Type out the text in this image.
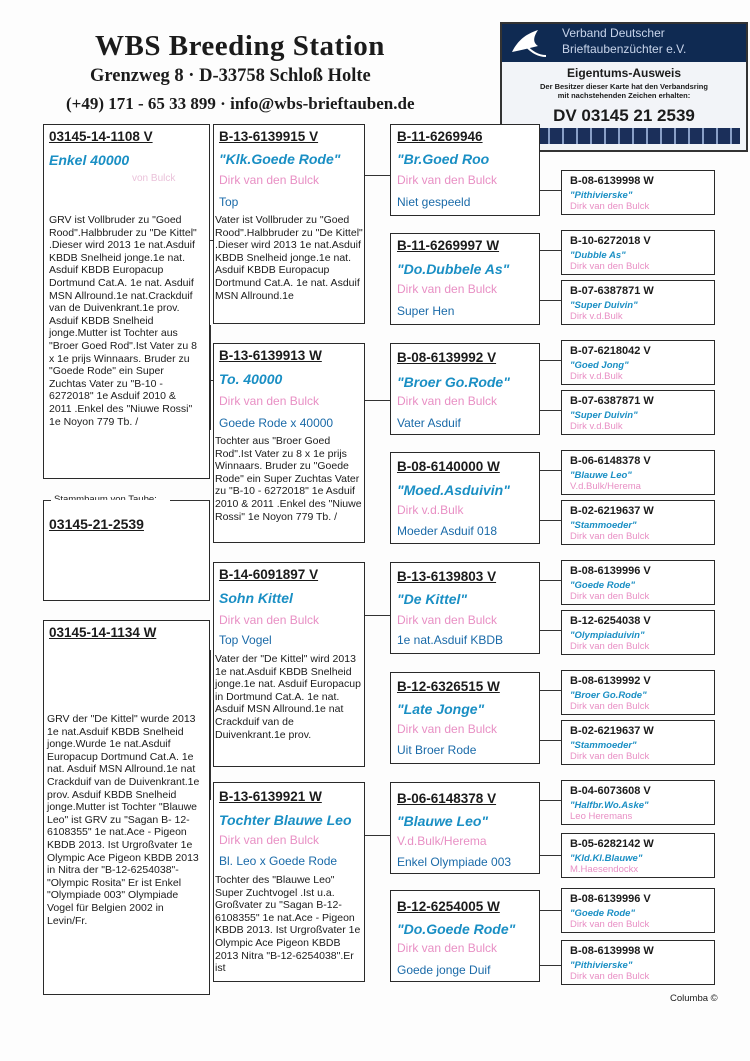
WBS Breeding Station
Grenzweg 8 · D-33758 Schloß Holte
(+49) 171 - 65 33 899 · info@wbs-brieftauben.de
Verband Deutscher
Brieftaubenzüchter e.V.
Eigentums-Ausweis
Der Besitzer dieser Karte hat den Verbandsring
mit nachstehenden Zeichen erhalten:
DV 03145 21 2539
03145-14-1108 V
Enkel 40000
von Bulck
GRV ist Vollbruder zu "Goed Rood".Halbbruder zu "De Kittel" .Dieser wird 2013 1e nat.Asduif KBDB Snelheid jonge.1e nat. Asduif KBDB Europacup Dortmund Cat.A. 1e nat. Asduif MSN Allround.1e nat.Crackduif van de Duivenkrant.1e prov. Asduif KBDB Snelheid jonge.Mutter ist Tochter aus "Broer Goed Rod".Ist Vater zu 8 x 1e prijs Winnaars. Bruder zu "Goede Rode" ein Super Zuchtas Vater zu "B-10 - 6272018" 1e Asduif 2010 & 2011 .Enkel des "Niuwe Rossi" 1e Noyon 779 Tb. /
03145-21-2539
03145-14-1134 W
GRV der "De Kittel" wurde 2013 1e nat.Asduif KBDB Snelheid jonge.Wurde 1e nat.Asduif Europacup Dortmund Cat.A. 1e nat. Asduif MSN Allround.1e nat Crackduif van de Duivenkrant.1e prov. Asduif KBDB Snelheid jonge.Mutter ist Tochter "Blauwe Leo" ist GRV zu "Sagan B- 12-6108355" 1e nat.Ace - Pigeon KBDB 2013. Ist Urgroßvater 1e Olympic Ace Pigeon KBDB 2013 in Nitra der "B-12-6254038"- "Olympic Rosita" Er ist Enkel "Olympiade 003" Olympiade Vogel für Belgien 2002 in Levin/Fr.
B-13-6139915 V
"Klk.Goede Rode"
Dirk van den Bulck
Top
Vater ist Vollbruder zu "Goed Rood".Halbbruder zu "De Kittel" .Dieser wird 2013 1e nat.Asduif KBDB Snelheid jonge.1e nat. Asduif KBDB Europacup Dortmund Cat.A. 1e nat. Asduif MSN Allround.1e
B-13-6139913 W
To. 40000
Dirk van den Bulck
Goede Rode x 40000
Tochter aus "Broer Goed Rod".Ist Vater zu 8 x 1e prijs Winnaars. Bruder zu "Goede Rode" ein Super Zuchtas Vater zu "B-10 - 6272018" 1e Asduif 2010 & 2011 .Enkel des "Niuwe Rossi" 1e Noyon 779 Tb. /
B-14-6091897 V
Sohn Kittel
Dirk van den Bulck
Top Vogel
Vater der "De Kittel" wird 2013 1e nat.Asduif KBDB Snelheid jonge.1e nat. Asduif Europacup in Dortmund Cat.A. 1e nat. Asduif MSN Allround.1e nat Crackduif van de Duivenkrant.1e prov.
B-13-6139921 W
Tochter Blauwe Leo
Dirk van den Bulck
Bl. Leo x Goede Rode
Tochter des "Blauwe Leo" Super Zuchtvogel .Ist u.a. Großvater zu "Sagan B-12-6108355" 1e nat.Ace - Pigeon KBDB 2013. Ist Urgroßvater 1e Olympic Ace Pigeon KBDB 2013 Nitra "B-12-6254038".Er ist
B-11-6269946
"Br.Goed Roo
Dirk van den Bulck
Niet gespeeld
B-11-6269997 W
"Do.Dubbele As"
Dirk van den Bulck
Super Hen
B-08-6139992 V
"Broer Go.Rode"
Dirk van den Bulck
Vater Asduif
B-08-6140000 W
"Moed.Asduivin"
Dirk v.d.Bulk
Moeder Asduif 018
B-13-6139803 V
"De Kittel"
Dirk van den Bulck
1e nat.Asduif KBDB
B-12-6326515 W
"Late Jonge"
Dirk van den Bulck
Uit Broer Rode
B-06-6148378 V
"Blauwe Leo"
V.d.Bulk/Herema
Enkel Olympiade 003
B-12-6254005 W
"Do.Goede Rode"
Dirk van den Bulck
Goede jonge Duif
B-08-6139998 W
"Pithivierske"
Dirk van den Bulck
B-10-6272018 V
"Dubble As"
Dirk van den Bulck
B-07-6387871 W
"Super Duivin"
Dirk v.d.Bulk
B-07-6218042 V
"Goed Jong"
Dirk v.d.Bulk
B-07-6387871 W
"Super Duivin"
Dirk v.d.Bulk
B-06-6148378 V
"Blauwe Leo"
V.d.Bulk/Herema
B-02-6219637 W
"Stammoeder"
Dirk van den Bulck
B-08-6139996 V
"Goede Rode"
Dirk van den Bulck
B-12-6254038 V
"Olympiaduivin"
Dirk van den Bulck
B-08-6139992 V
"Broer Go.Rode"
Dirk van den Bulck
B-02-6219637 W
"Stammoeder"
Dirk van den Bulck
B-04-6073608 V
"Halfbr.Wo.Aske"
Leo Heremans
B-05-6282142 W
"Kld.Kl.Blauwe"
M.Haesendockx
B-08-6139996 V
"Goede Rode"
Dirk van den Bulck
B-08-6139998 W
"Pithivierske"
Dirk van den Bulck
Columba ©
